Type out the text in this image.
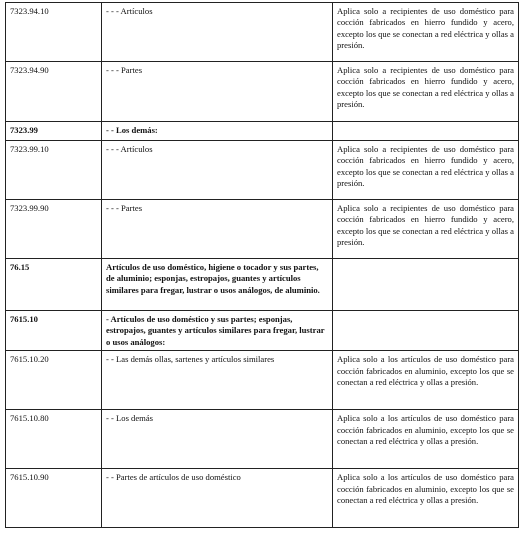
7323.94.10	- - - Artículos	Aplica solo a recipientes de uso doméstico para cocción fabricados en hierro fundido y acero, excepto los que se conectan a red eléctrica y ollas a presión.
7323.94.90	- - - Partes	Aplica solo a recipientes de uso doméstico para cocción fabricados en hierro fundido y acero, excepto los que se conectan a red eléctrica y ollas a presión.
7323.99	- - Los demás:	
7323.99.10	- - - Artículos	Aplica solo a recipientes de uso doméstico para cocción fabricados en hierro fundido y acero, excepto los que se conectan a red eléctrica y ollas a presión.
7323.99.90	- - - Partes	Aplica solo a recipientes de uso doméstico para cocción fabricados en hierro fundido y acero, excepto los que se conectan a red eléctrica y ollas a presión.
76.15	Artículos de uso doméstico, higiene o tocador y sus partes, de aluminio; esponjas, estropajos, guantes y artículos similares para fregar, lustrar o usos análogos, de aluminio.	
7615.10	- Artículos de uso doméstico y sus partes; esponjas, estropajos, guantes y artículos similares para fregar, lustrar o usos análogos:	
7615.10.20	- - Las demás ollas, sartenes y artículos similares	Aplica solo a los artículos de uso doméstico para cocción fabricados en aluminio, excepto los que se conectan a red eléctrica y ollas a presión.
7615.10.80	- - Los demás	Aplica solo a los artículos de uso doméstico para cocción fabricados en aluminio, excepto los que se conectan a red eléctrica y ollas a presión.
7615.10.90	- - Partes de artículos de uso doméstico	Aplica solo a los artículos de uso doméstico para cocción fabricados en aluminio, excepto los que se conectan a red eléctrica y ollas a presión.
